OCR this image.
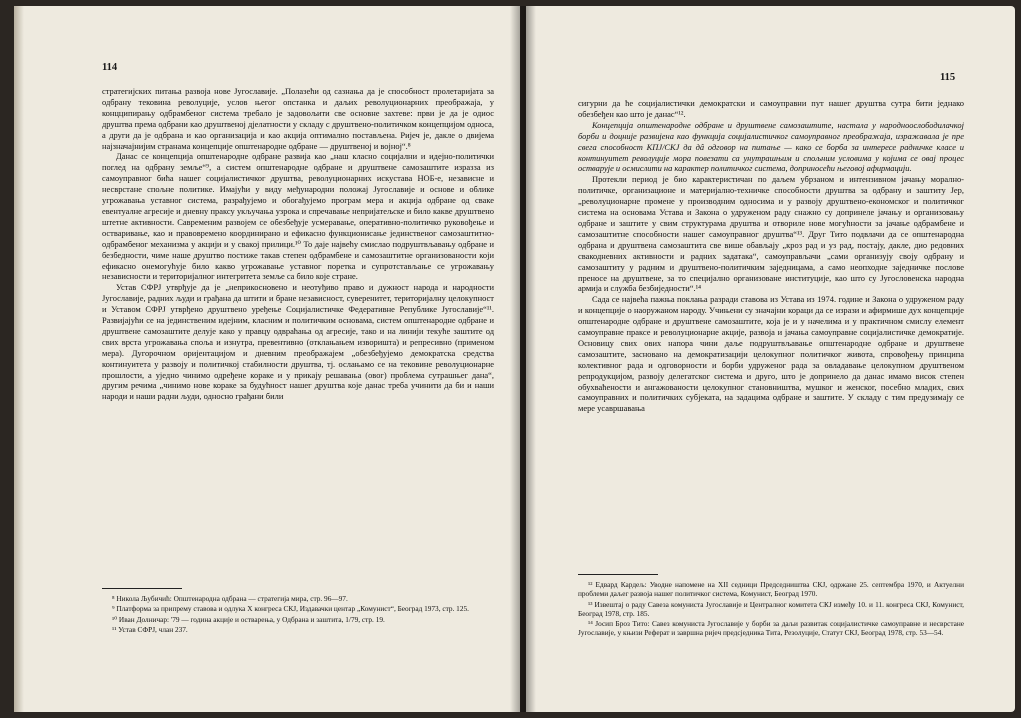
114

стратегијских питања развоја нове Југославије. „Полазећи од сазнања да је способност пролетаријата за одбрану тековина револуције, услов његог опстанка и даљих револуционарних преображаја, у концципирању одбрамбеног система требало је задовољити све основне захтеве: први је да је одиос друштва према одбрани као друштвеној дјелатности у складу с друштвено-политичком концепцијом односа, а други да је одбрана и као организација и као акција оптимално постављена. Ријеч је, дакле о двијема најзначајнијим странама концепције општенародне одбране — друштвеној и војној“.⁸

Данас се концепција општенародне одбране развија као „наш класно социјални и идејно-политички поглед на одбрану земље“⁹, а систем општенародне одбране и друштвене самозаштите изразза из самоуправног бића нашег социјалистичког друштва, револуционарних искустава НОБ-е, независне и несврстане спољне политике. Имајући у виду међународни положај Југославије и основе и облике угрожавања уставног система, разрађујемо и обогађујемо програм мера и акција одбране од сваке евентуалне агресије и дневну праксу укључања узрока и спречавање непријатељске и било какве друштвено штетне активности. Савременим развојем се обезбеђује усмеравање, оперативно-политичко руковођење и остваривање, као и правовремено координирано и ефикасно функционисање јединственог самозаштитно-одбрамбеног механизма у акцији и у свакој прилици.¹⁰ То даје највећу смислао подруштвљавању одбране и безбедности, чиме наше друштво постиже такав степен одбрамбене и самозаштитне организованости који ефикасно онемогућује било какво угрожавање уставног поретка и супротстављање се угрожавању независности и територијалног интегритета земље са било које стране.

Устав СФРЈ утврђује да је „неприкосновено и неотуђиво право и дужност народа и народности Југославије, радних људи и грађана да штити и бране независност, суверенитет, територијалну целокупност и Уставом СФРЈ утврђено друштвено уређење Социјалистичке Федеративне Републике Југославије“¹¹. Развијајући се на јединственим идејним, класним и политичким основама, систем општенародне одбране и друштвене самозаштите делује како у правцу одвраћања од агресије, тако и на линији текуће заштите од свих врста угрожавања споља и изнутра, превентивно (отклањањем извориштa) и репресивно (применом мера). Дугорочном оријентацијом и дневним преображајем „обезбеђујемо демократска средства континуитета у развоју и политичкој стабилности друштва, тј. ослањамо се на тековине револуционарне прошлости, а уједно чинимо одређене кораке и у прикају решавања (овог) проблема сутрашњег дана“, другим речима „чинимо нове кораке за будућност нашег друштва које данас треба учинити да би и наши народи и наши радни људи, односно грађани били

⁸ Никола Љубичић: Општенародна одбрана — стратегија мира, стр. 96—97.

⁹ Платформа за припрему ставова и одлука X конгреса СКЈ, Издавачки центар „Комунист“, Београд 1973, стр. 125.

¹⁰ Иван Долничар: '79 — година акције и остварења, у Одбрана и заштита, 1/79, стр. 19.

¹¹ Устав СФРЈ, члан 237.

115

сигурни да ће социјалистички демократски и самоуправни пут нашег друштва сутра бити једнако обезбеђен као што је данас“¹².

Концепција општенародне одбране и друштвене самозаштите, настала у народноослободилачкој борби и доцније развијена као функција социјалистичког самоуправног преображаја, изражавала је пре свега способност КПЈ/СКЈ да дâ одговор на питање — како се борба за интересе радничке класе и континуитет револуције мора повезати са унутрашњим и спољним условима у којима се овај процес остварује и осмислити на карактер политичког система, доприносећи његовој афирмацији.

Протекли период је био карактеристичан по даљем убрзаном и интензивном јачању морално-политичке, организационе и материјално-техничке способности друштва за одбрану и заштиту Јер, „револуционарне промене у производним односима и у развоју друштвено-економског и политичког система на основама Устава и Закона о удруженом раду снажно су допринеле јачању и организовању одбране и заштите у свим структурама друштва и отвориле нове могућности за јачање одбрамбене и самозаштитне способности нашег самоуправног друштва“¹³. Друг Тито подвлачи да се општенародна одбрана и друштвена самозаштита све више обављају „кроз рад и уз рад, постају, дакле, дио редовних свакодневних активности и радних задатака“, самоуправљачи „сами организују своју одбрану и самозаштиту у радним и друштвено-политичким заједницама, а само неопходне заједничке послове преносе на друштвене, за то специјално организоване институције, као што су Југословенска народна армија и служба безбиједности“.¹⁴

Сада се највећа пажња поклања разради ставова из Устава из 1974. године и Закона о удруженом раду и концепције о наоружаном народу. Учињени су значајни кораци да се изрази и афирмише дух концепције општенародне одбране и друштвене самозаштите, која је и у начелима и у практичном смислу елемент самоуправне праксе и револуционарне акције, развоја и јачања самоуправне социјалистичке демократије. Основицу свих ових напора чини даље подруштвљавање општенародне одбране и друштвене самозаштите, засновано на демократизацији целокупног политичког живота, спровођењу принципа колективног рада и одговорности и борби удруженог рада за овладавање целокупном друштвеном репродукцијом, развоју делегатског система и друго, што је допринело да данас имамо висок степен обухваћености и ангажованости целокупног становништва, мушког и женског, посебно младих, свих самоуправних и политичких субјеката, на задацима одбране и заштите. У складу с тим предузимају се мере усавршавања

¹² Едвард Кардељ: Уводне напомене на XII седници Председништва СКЈ, одржане 25. септембра 1970, и Актуелни проблеми даљег развоја нашег политичког система, Комунист, Београд 1970.

¹³ Извештај о раду Савеза комуниста Југославије и Централног комитета СКЈ између 10. и 11. конгреса СКЈ, Комунист, Београд 1978, стр. 185.

¹⁴ Јосип Броз Тито: Савез комуниста Југославије у борби за даљи развитак социјалистичке самоуправне и несврстане Југославије, у књизи Реферат и завршна ријеч предсједника Тита, Резолуције, Статут СКЈ, Београд 1978, стр. 53—54.
